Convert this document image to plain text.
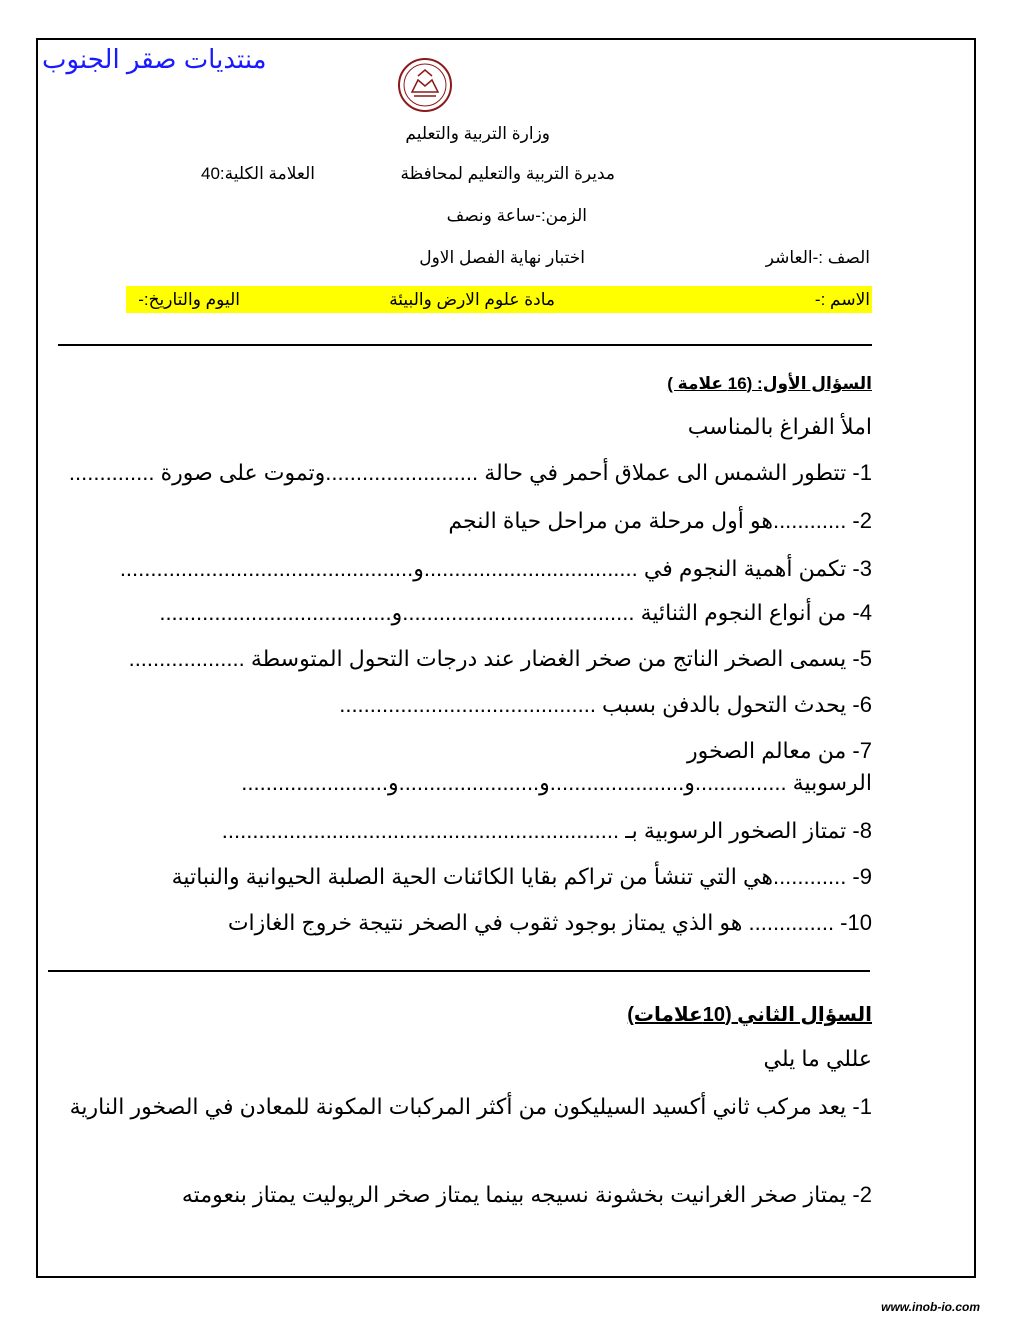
منتديات صقر الجنوب
وزارة التربية والتعليم
مديرة التربية والتعليم لمحافظة
العلامة الكلية:40
الزمن:-ساعة ونصف
الصف :-العاشر
اختبار نهاية الفصل الاول
الاسم :-
مادة علوم الارض والبيئة
اليوم والتاريخ:-
السؤال الأول: (16 علامة )
املأ الفراغ بالمناسب
1- تتطور الشمس الى عملاق أحمر في حالة .........................وتموت على صورة ..............
2- ............هو أول مرحلة من مراحل حياة النجم
3- تكمن أهمية النجوم في ...................................و................................................
4- من أنواع النجوم الثنائية ......................................و......................................
5- يسمى الصخر الناتج من صخر الغضار عند درجات التحول المتوسطة ...................
6- يحدث التحول بالدفن بسبب ..........................................
7- من معالم الصخور
الرسوبية ...............و......................و.......................و........................
8- تمتاز الصخور الرسوبية بـ .................................................................
9- ............هي التي تنشأ من تراكم بقايا الكائنات الحية الصلبة الحيوانية والنباتية
10- .............. هو الذي يمتاز بوجود ثقوب في الصخر نتيجة خروج الغازات
السؤال الثاني (10علامات)
عللي ما يلي
1- يعد مركب ثاني أكسيد السيليكون من أكثر المركبات المكونة للمعادن في الصخور النارية
2- يمتاز صخر الغرانيت بخشونة نسيجه بينما يمتاز صخر الريوليت يمتاز بنعومته
www.inob-io.com
